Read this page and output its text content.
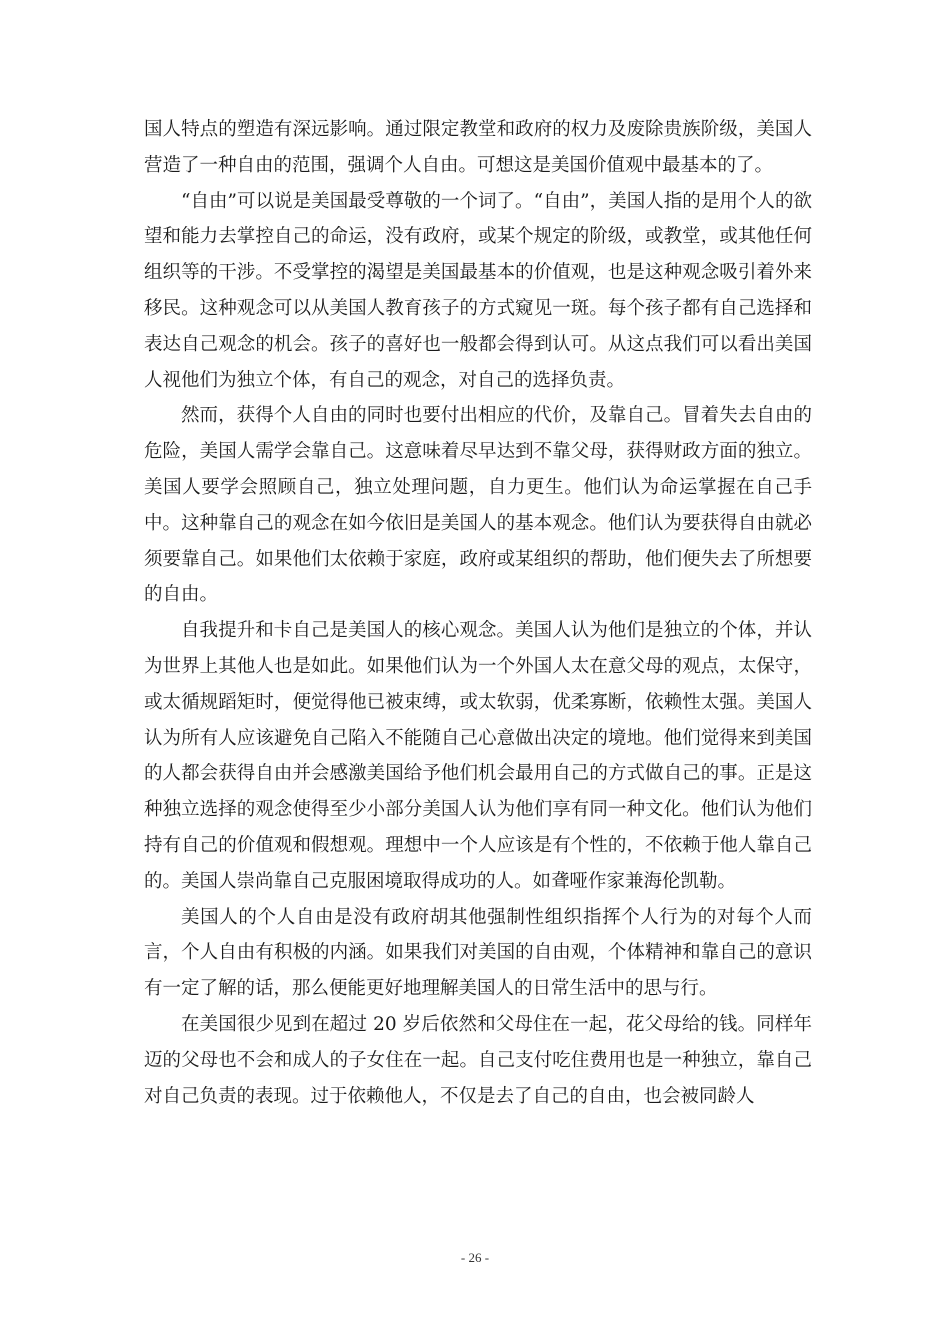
国人特点的塑造有深远影响。通过限定教堂和政府的权力及废除贵族阶级，美国人营造了一种自由的范围，强调个人自由。可想这是美国价值观中最基本的了。

“自由”可以说是美国最受尊敬的一个词了。“自由”，美国人指的是用个人的欲望和能力去掌控自己的命运，没有政府，或某个规定的阶级，或教堂，或其他任何组织等的干涉。不受掌控的渴望是美国最基本的价值观，也是这种观念吸引着外来移民。这种观念可以从美国人教育孩子的方式窥见一斑。每个孩子都有自己选择和表达自己观念的机会。孩子的喜好也一般都会得到认可。从这点我们可以看出美国人视他们为独立个体，有自己的观念，对自己的选择负责。

然而，获得个人自由的同时也要付出相应的代价，及靠自己。冒着失去自由的危险，美国人需学会靠自己。这意味着尽早达到不靠父母，获得财政方面的独立。美国人要学会照顾自己，独立处理问题，自力更生。他们认为命运掌握在自己手中。这种靠自己的观念在如今依旧是美国人的基本观念。他们认为要获得自由就必须要靠自己。如果他们太依赖于家庭，政府或某组织的帮助，他们便失去了所想要的自由。

自我提升和卡自己是美国人的核心观念。美国人认为他们是独立的个体，并认为世界上其他人也是如此。如果他们认为一个外国人太在意父母的观点，太保守，或太循规蹈矩时，便觉得他已被束缚，或太软弱，优柔寡断，依赖性太强。美国人认为所有人应该避免自己陷入不能随自己心意做出决定的境地。他们觉得来到美国的人都会获得自由并会感激美国给予他们机会最用自己的方式做自己的事。正是这种独立选择的观念使得至少小部分美国人认为他们享有同一种文化。他们认为他们持有自己的价值观和假想观。理想中一个人应该是有个性的，不依赖于他人靠自己的。美国人崇尚靠自己克服困境取得成功的人。如聋哑作家兼海伦凯勒。

美国人的个人自由是没有政府胡其他强制性组织指挥个人行为的对每个人而言，个人自由有积极的内涵。如果我们对美国的自由观，个体精神和靠自己的意识有一定了解的话，那么便能更好地理解美国人的日常生活中的思与行。

在美国很少见到在超过 20 岁后依然和父母住在一起，花父母给的钱。同样年迈的父母也不会和成人的子女住在一起。自己支付吃住费用也是一种独立，靠自己对自己负责的表现。过于依赖他人，不仅是去了自己的自由，也会被同龄人

- 26 -
